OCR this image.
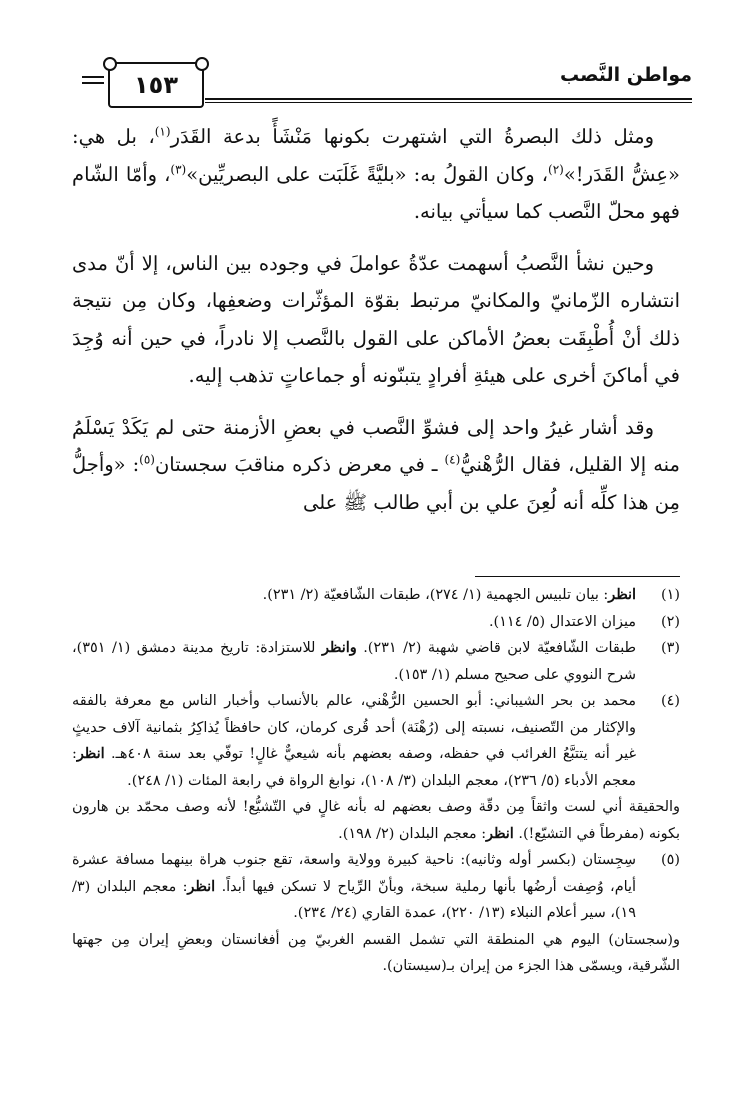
مواطن النَّصب
١٥٣

ومثل ذلك البصرةُ التي اشتهرت بكونها مَنْشَأً بدعة القَدَر$^{(١)}$، بل هي: «عِشُّ القَدَر!»$^{(٢)}$، وكان القولُ به: «بليَّةً غَلَبَت على البصريِّين»$^{(٣)}$، وأمّا الشّام فهو محلّ النَّصب كما سيأتي بيانه.

وحين نشأ النَّصبُ أسهمت عدّةُ عواملَ في وجوده بين الناس، إلا أنّ مدى انتشاره الزّمانيّ والمكانيّ مرتبط بقوّة المؤثّرات وضعفِها، وكان مِن نتيجة ذلك أنْ أُطْبِقَت بعضُ الأماكن على القول بالنَّصب إلا نادراً، في حين أنه وُجِدَ في أماكنَ أخرى على هيئةِ أفرادٍ يتبنّونه أو جماعاتٍ تذهب إليه.

وقد أشار غيرُ واحد إلى فشوِّ النَّصب في بعضِ الأزمنة حتى لم يَكَدْ يَسْلَمُ منه إلا القليل، فقال الرُّهْنيُّ$^{(٤)}$ ـ في معرض ذكره مناقبَ سجستان$^{(٥)}$: «وأجلُّ مِن هذا كلِّه أنه لُعِنَ علي بن أبي طالب ﷺ على

(١)
انظر: بيان تلبيس الجهمية (١/ ٢٧٤)، طبقات الشّافعيّة (٢/ ٢٣١).
(٢)
ميزان الاعتدال (٥/ ١١٤).
(٣)
طبقات الشّافعيّة لابن قاضي شهبة (٢/ ٢٣١). وانظر للاستزادة: تاريخ مدينة دمشق (١/ ٣٥١)، شرح النووي على صحيح مسلم (١/ ١٥٣).
(٤)
محمد بن بحر الشيباني: أبو الحسين الرُّهْني، عالم بالأنساب وأخبار الناس مع معرفة بالفقه والإكثار من التّصنيف، نسبته إلى (رُهْنَة) أحد قُرى كرمان، كان حافظاً يُذاكِرُ بثمانية آلاف حديثٍ غير أنه يتتبَّعُ الغرائب في حفظه، وصفه بعضهم بأنه شيعيٌّ غالٍ! توفّي بعد سنة ٤٠٨هـ. انظر: معجم الأدباء (٥/ ٢٣٦)، معجم البلدان (٣/ ١٠٨)، نوابغ الرواة في رابعة المئات (١/ ٢٤٨).
والحقيقة أني لست واثقاً مِن دقّة وصف بعضهم له بأنه غالٍ في التّشيُّع! لأنه وصف محمّد بن هارون بكونه (مفرطاً في التشيّع!). انظر: معجم البلدان (٢/ ١٩٨).
(٥)
سِجِستان (بكسر أوله وثانيه): ناحية كبيرة وولاية واسعة، تقع جنوب هراة بينهما مسافة عشرة أيام، وُصِفت أرضُها بأنها رملية سبخة، وبأنّ الرِّياح لا تسكن فيها أبداً. انظر: معجم البلدان (٣/ ١٩)، سير أعلام النبلاء (١٣/ ٢٢٠)، عمدة القاري (٢٤/ ٢٣٤).
و(سجستان) اليوم هي المنطقة التي تشمل القسم الغربيّ مِن أفغانستان وبعضِ إيران مِن جهتها الشّرقية، ويسمّى هذا الجزء من إيران بـ(سيستان).
